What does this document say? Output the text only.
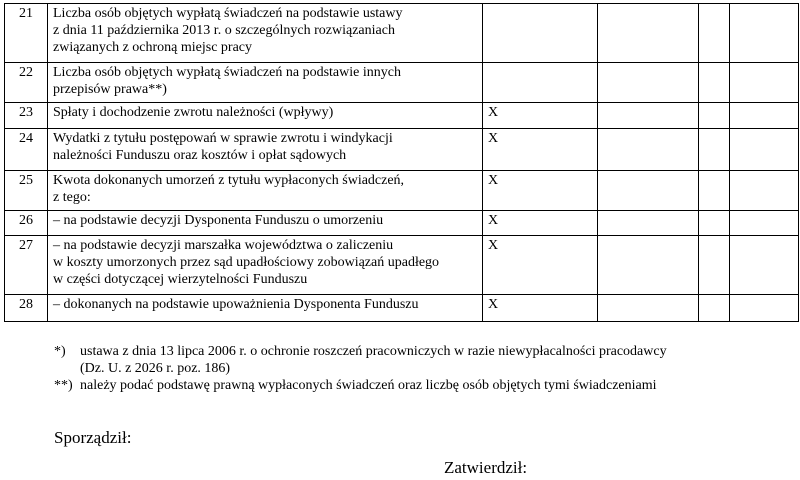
21	Liczba osób objętych wypłatą świadczeń na podstawie ustawy
z dnia 11 października 2013 r. o szczególnych rozwiązaniach
związanych z ochroną miejsc pracy				

22	Liczba osób objętych wypłatą świadczeń na podstawie innych
przepisów prawa**)				

23	Spłaty i dochodzenie zwrotu należności (wpływy)	X			
24	Wydatki z tytułu postępowań w sprawie zwrotu i windykacji
należności Funduszu oraz kosztów i opłat sądowych	X			
25	Kwota dokonanych umorzeń z tytułu wypłaconych świadczeń,
z tego:	X			
26	– na podstawie decyzji Dysponenta Funduszu o umorzeniu	X			
27	– na podstawie decyzji marszałka województwa o zaliczeniu
w koszty umorzonych przez sąd upadłościowy zobowiązań upadłego
w części dotyczącej wierzytelności Funduszu	X			
28	– dokonanych na podstawie upoważnienia Dysponenta Funduszu	X			
*) ustawa z dnia 13 lipca 2006 r. o ochronie roszczeń pracowniczych w razie niewypłacalności pracodawcy
(Dz. U. z 2026 r. poz. 186)
**) należy podać podstawę prawną wypłaconych świadczeń oraz liczbę osób objętych tymi świadczeniami
Sporządził:
Zatwierdził:
